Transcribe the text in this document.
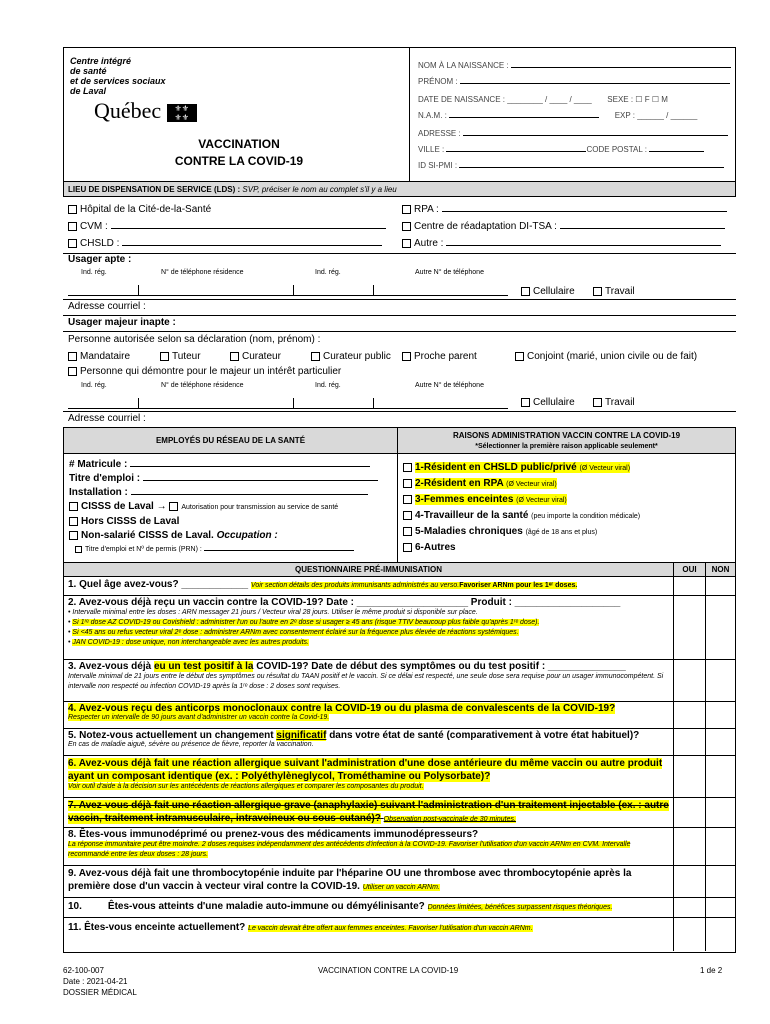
Centre intégré
de santé
et de services sociaux
de Laval
Québec ⚜⚜
⚜⚜
VACCINATION
CONTRE LA COVID-19
NOM À LA NAISSANCE :
PRÉNOM :
DATE DE NAISSANCE : ________ / ____ / ____       SEXE : ☐ F ☐ M
N.A.M. :	EXP : ______ / ______
ADRESSE :
VILLE :	CODE POSTAL :
ID SI-PMI :
LIEU DE DISPENSATION DE SERVICE (LDS) : SVP, préciser le nom au complet s'il y a lieu
Hôpital de la Cité-de-la-Santé
CVM :
CHSLD :
RPA :
Centre de réadaptation DI-TSA :
Autre :
Usager apte :
Ind. rég.	N° de téléphone résidence	Ind. rég.	Autre N° de téléphone
Cellulaire	Travail
Adresse courriel :
Usager majeur inapte :
Personne autorisée selon sa déclaration (nom, prénom) :
Mandataire	Tuteur	Curateur	Curateur public	Proche parent	Conjoint (marié, union civile ou de fait)
Personne qui démontre pour le majeur un intérêt particulier
Ind. rég.	N° de téléphone résidence	Ind. rég.	Autre N° de téléphone
Cellulaire	Travail
Adresse courriel :
EMPLOYÉS DU RÉSEAU DE LA SANTÉ
RAISONS ADMINISTRATION VACCIN CONTRE LA COVID-19
*Sélectionner la première raison applicable seulement*
# Matricule :
Titre d'emploi :
Installation :
CISSS de Laval → Autorisation pour transmission au service de santé
Hors CISSS de Laval
Non-salarié CISSS de Laval. Occupation :
Titre d'emploi et Nº de permis (PRN) :
1-Résident en CHSLD public/privé (Ø Vecteur viral)
2-Résident en RPA (Ø Vecteur viral)
3-Femmes enceintes (Ø Vecteur viral)
4-Travailleur de la santé (peu importe la condition médicale)
5-Maladies chroniques (âgé de 18 ans et plus)
6-Autres
QUESTIONNAIRE PRÉ-IMMUNISATION	OUI	NON
1. Quel âge avez-vous? ____________ Voir section détails des produits immunisants administrés au verso.Favoriser ARNm pour les 1ᵉʳ doses.
2. Avez-vous déjà reçu un vaccin contre la COVID-19? Date : ____________________ Produit : ___________________
• Intervalle minimal entre les doses : ARN messager 21 jours / Vecteur viral 28 jours. Utiliser le même produit si disponible sur place.
• Si 1ʳᵉ dose AZ COVID-19 ou Covishield : administrer l'un ou l'autre en 2ᵉ dose si usager ≥ 45 ans (risque TTIV beaucoup plus faible qu'après 1ʳᵉ dose).
• Si <45 ans ou refus vecteur viral 2ᵉ dose : administrer ARNm avec consentement éclairé sur la fréquence plus élevée de réactions systémiques.
• JAN COVID-19 : dose unique, non interchangeable avec les autres produits.
3. Avez-vous déjà eu un test positif à la COVID-19? Date de début des symptômes ou du test positif : ______________
Intervalle minimal de 21 jours entre le début des symptômes ou résultat du TAAN positif et le vaccin. Si ce délai est respecté, une seule dose sera requise pour un usager immunocompétent. Si intervalle non respecté ou infection COVID-19 après la 1ʳᵉ dose : 2 doses sont requises.
4. Avez-vous reçu des anticorps monoclonaux contre la COVID-19 ou du plasma de convalescents de la COVID-19?
Respecter un intervalle de 90 jours avant d'administrer un vaccin contre la Covid-19.
5. Notez-vous actuellement un changement significatif dans votre état de santé (comparativement à votre état habituel)?
En cas de maladie aiguë, sévère ou présence de fièvre, reporter la vaccination.
6. Avez-vous déjà fait une réaction allergique suivant l'administration d'une dose antérieure du même vaccin ou autre produit ayant un composant identique (ex. : Polyéthylèneglycol, Trométhamine ou Polysorbate)?
Voir outil d'aide à la décision sur les antécédents de réactions allergiques et comparer les composantes du produit.
7. Avez-vous déjà fait une réaction allergique grave (anaphylaxie) suivant l'administration d'un traitement injectable (ex. : autre vaccin, traitement intramusculaire, intraveineux ou sous-cutané)? Observation post-vaccinale de 30 minutes.
8. Êtes-vous immunodéprimé ou prenez-vous des médicaments immunodépresseurs?
La réponse immunitaire peut être moindre. 2 doses requises indépendamment des antécédents d'infection à la COVID-19. Favoriser l'utilisation d'un vaccin ARNm en CVM. Intervalle recommandé entre les deux doses : 28 jours.
9. Avez-vous déjà fait une thrombocytopénie induite par l'héparine OU une thrombose avec thrombocytopénie après la première dose d'un vaccin à vecteur viral contre la COVID-19. Utiliser un vaccin ARNm.
10.	Êtes-vous atteints d'une maladie auto-immune ou démyélinisante? Données limitées, bénéfices surpassent risques théoriques.
11. Êtes-vous enceinte actuellement? Le vaccin devrait être offert aux femmes enceintes. Favoriser l'utilisation d'un vaccin ARNm.
62-100-007
Date : 2021-04-21
DOSSIER MÉDICAL
VACCINATION CONTRE LA COVID-19	1 de 2
